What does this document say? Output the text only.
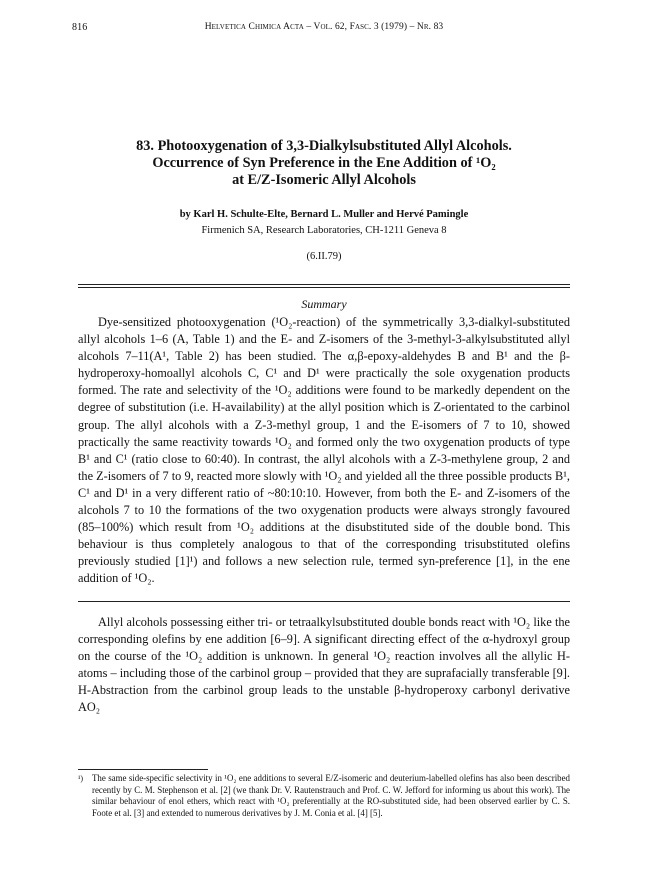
816	Helvetica Chimica Acta – Vol. 62, Fasc. 3 (1979) – Nr. 83
83. Photooxygenation of 3,3-Dialkylsubstituted Allyl Alcohols.
Occurrence of Syn Preference in the Ene Addition of ¹O₂
at E/Z-Isomeric Allyl Alcohols
by Karl H. Schulte-Elte, Bernard L. Muller and Hervé Pamingle
Firmenich SA, Research Laboratories, CH-1211 Geneva 8
(6.II.79)
Summary

Dye-sensitized photooxygenation (¹O₂-reaction) of the symmetrically 3,3-dialkyl-substituted allyl alcohols 1–6 (A, Table 1) and the E- and Z-isomers of the 3-methyl-3-alkylsubstituted allyl alcohols 7–11(A¹, Table 2) has been studied. The α,β-epoxy-aldehydes B and B¹ and the β-hydroperoxy-homoallyl alcohols C, C¹ and D¹ were practically the sole oxygenation products formed. The rate and selectivity of the ¹O₂ additions were found to be markedly dependent on the degree of substitution (i.e. H-availability) at the allyl position which is Z-orientated to the carbinol group. The allyl alcohols with a Z-3-methyl group, 1 and the E-isomers of 7 to 10, showed practically the same reactivity towards ¹O₂ and formed only the two oxygenation products of type B¹ and C¹ (ratio close to 60:40). In contrast, the allyl alcohols with a Z-3-methylene group, 2 and the Z-isomers of 7 to 9, reacted more slowly with ¹O₂ and yielded all the three possible products B¹, C¹ and D¹ in a very different ratio of ~80:10:10. However, from both the E- and Z-isomers of the alcohols 7 to 10 the formations of the two oxygenation products were always strongly favoured (85–100%) which result from ¹O₂ additions at the disubstituted side of the double bond. This behaviour is thus completely analogous to that of the corresponding trisubstituted olefins previously studied [1]¹) and follows a new selection rule, termed syn-preference [1], in the ene addition of ¹O₂.

Allyl alcohols possessing either tri- or tetraalkylsubstituted double bonds react with ¹O₂ like the corresponding olefins by ene addition [6–9]. A significant directing effect of the α-hydroxyl group on the course of the ¹O₂ addition is unknown. In general ¹O₂ reaction involves all the allylic H-atoms – including those of the carbinol group – provided that they are suprafacially transferable [9]. H-Abstraction from the carbinol group leads to the unstable β-hydroperoxy carbonyl derivative AO₂

¹) The same side-specific selectivity in ¹O₂ ene additions to several E/Z-isomeric and deuterium-labelled olefins has also been described recently by C. M. Stephenson et al. [2] (we thank Dr. V. Rautenstrauch and Prof. C. W. Jefford for informing us about this work). The similar behaviour of enol ethers, which react with ¹O₂ preferentially at the RO-substituted side, had been observed earlier by C. S. Foote et al. [3] and extended to numerous derivatives by J. M. Conia et al. [4] [5].
